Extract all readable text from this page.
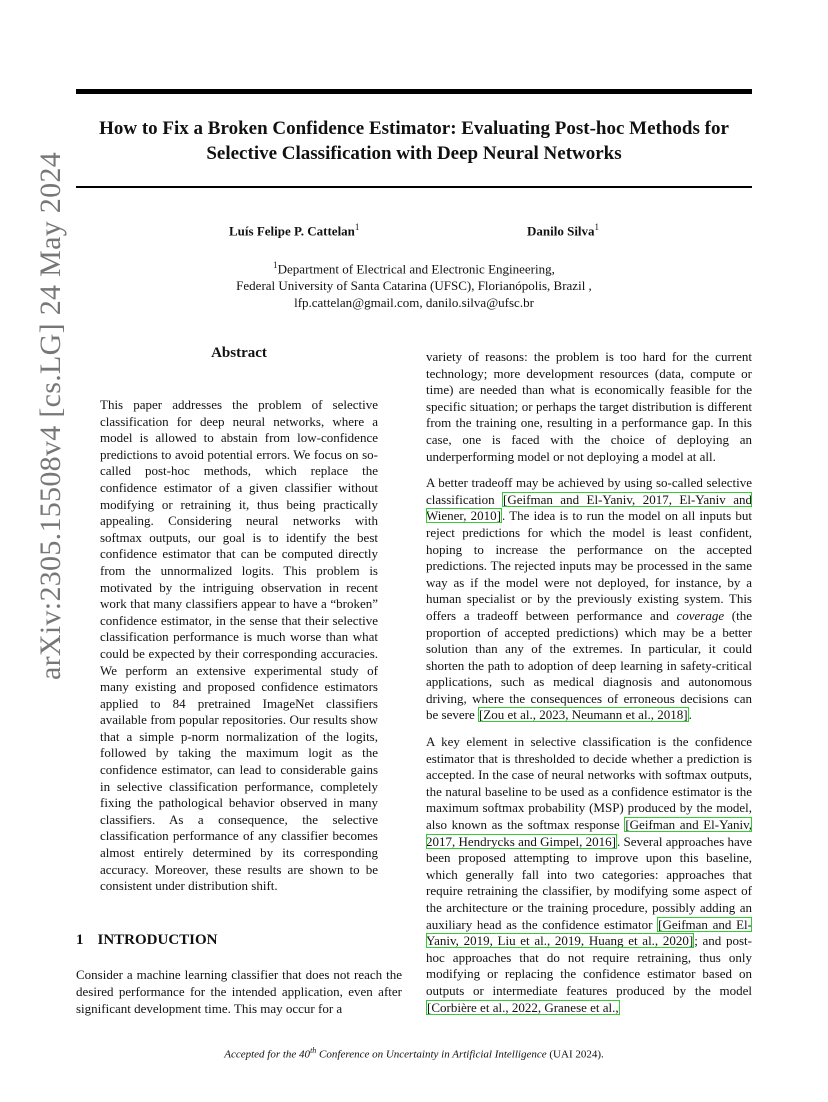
How to Fix a Broken Confidence Estimator: Evaluating Post-hoc Methods for Selective Classification with Deep Neural Networks
Luís Felipe P. Cattelan$^1$	Danilo Silva$^1$
$^1$Department of Electrical and Electronic Engineering,
Federal University of Santa Catarina (UFSC), Florianópolis, Brazil ,
lfp.cattelan@gmail.com, danilo.silva@ufsc.br
arXiv:2305.15508v4 [cs.LG] 24 May 2024	Abstract
This paper addresses the problem of selective classification for deep neural networks, where a model is allowed to abstain from low-confidence predictions to avoid potential errors. We focus on so-called post-hoc methods, which replace the confidence estimator of a given classifier without modifying or retraining it, thus being practically appealing. Considering neural networks with softmax outputs, our goal is to identify the best confidence estimator that can be computed directly from the unnormalized logits. This problem is motivated by the intriguing observation in recent work that many classifiers appear to have a “broken” confidence estimator, in the sense that their selective classification performance is much worse than what could be expected by their corresponding accuracies. We perform an extensive experimental study of many existing and proposed confidence estimators applied to 84 pretrained ImageNet classifiers available from popular repositories. Our results show that a simple p-norm normalization of the logits, followed by taking the maximum logit as the confidence estimator, can lead to considerable gains in selective classification performance, completely fixing the pathological behavior observed in many classifiers. As a consequence, the selective classification performance of any classifier becomes almost entirely determined by its corresponding accuracy. Moreover, these results are shown to be consistent under distribution shift.
1 INTRODUCTION
Consider a machine learning classifier that does not reach the desired performance for the intended application, even after significant development time. This may occur for a

variety of reasons: the problem is too hard for the current technology; more development resources (data, compute or time) are needed than what is economically feasible for the specific situation; or perhaps the target distribution is different from the training one, resulting in a performance gap. In this case, one is faced with the choice of deploying an underperforming model or not deploying a model at all.

A better tradeoff may be achieved by using so-called selective classification [Geifman and El-Yaniv, 2017, El-Yaniv and Wiener, 2010]. The idea is to run the model on all inputs but reject predictions for which the model is least confident, hoping to increase the performance on the accepted predictions. The rejected inputs may be processed in the same way as if the model were not deployed, for instance, by a human specialist or by the previously existing system. This offers a tradeoff between performance and coverage (the proportion of accepted predictions) which may be a better solution than any of the extremes. In particular, it could shorten the path to adoption of deep learning in safety-critical applications, such as medical diagnosis and autonomous driving, where the consequences of erroneous decisions can be severe [Zou et al., 2023, Neumann et al., 2018].

A key element in selective classification is the confidence estimator that is thresholded to decide whether a prediction is accepted. In the case of neural networks with softmax outputs, the natural baseline to be used as a confidence estimator is the maximum softmax probability (MSP) produced by the model, also known as the softmax response [Geifman and El-Yaniv, 2017, Hendrycks and Gimpel, 2016]. Several approaches have been proposed attempting to improve upon this baseline, which generally fall into two categories: approaches that require retraining the classifier, by modifying some aspect of the architecture or the training procedure, possibly adding an auxiliary head as the confidence estimator [Geifman and El-Yaniv, 2019, Liu et al., 2019, Huang et al., 2020]; and post-hoc approaches that do not require retraining, thus only modifying or replacing the confidence estimator based on outputs or intermediate features produced by the model [Corbière et al., 2022, Granese et al.,

Accepted for the 40th Conference on Uncertainty in Artificial Intelligence (UAI 2024).
